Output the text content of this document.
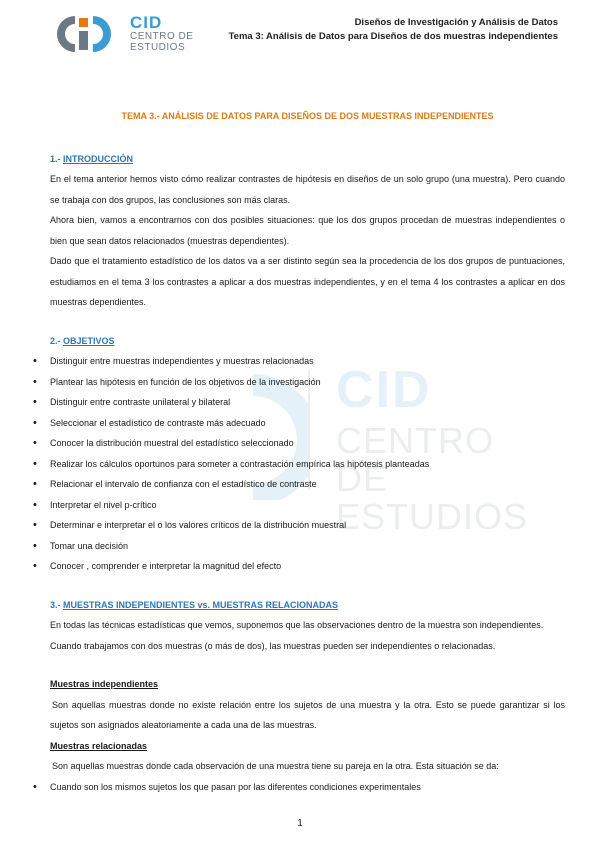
CID
CENTRO DE
ESTUDIOS
CID
CENTRO DE
ESTUDIOS
Diseños de Investigación y Análisis de Datos
Tema 3: Análisis de Datos para Diseños de dos muestras independientes
TEMA 3.- ANÁLISIS DE DATOS PARA DISEÑOS DE DOS MUESTRAS INDEPENDIENTES
1.- INTRODUCCIÓN

En el tema anterior hemos visto cómo realizar contrastes de hipótesis en diseños de un solo grupo (una muestra). Pero cuando se trabaja con dos grupos, las conclusiones son más claras.

Ahora bien, vamos a encontrarnos con dos posibles situaciones: que los dos grupos procedan de muestras independientes o bien que sean datos relacionados (muestras dependientes).

Dado que el tratamiento estadístico de los datos va a ser distinto según sea la procedencia de los dos grupos de puntuaciones, estudiamos en el tema 3 los contrastes a aplicar a dos muestras independientes, y en el tema 4 los contrastes a aplicar en dos muestras dependientes.

2.- OBJETIVOS
• Distinguir entre muestras independientes y muestras relacionadas
• Plantear las hipótesis en función de los objetivos de la investigación
• Distinguir entre contraste unilateral y bilateral
• Seleccionar el estadístico de contraste más adecuado
• Conocer la distribución muestral del estadístico seleccionado
• Realizar los cálculos oportunos para someter a contrastación empírica las hipótesis planteadas
• Relacionar el intervalo de confianza con el estadístico de contraste
• Interpretar el nivel p-crítico
• Determinar e interpretar el o los valores críticos de la distribución muestral
• Tomar una decisión
• Conocer , comprender e interpretar la magnitud del efecto
3.- MUESTRAS INDEPENDIENTES vs. MUESTRAS RELACIONADAS

En todas las técnicas estadísticas que vemos, suponemos que las observaciones dentro de la muestra son independientes.

Cuando trabajamos con dos muestras (o más de dos), las muestras pueden ser independientes o relacionadas.

Muestras independientes

Son aquellas muestras donde no existe relación entre los sujetos de una muestra y la otra. Esto se puede garantizar si los sujetos son asignados aleatoriamente a cada una de las muestras.

Muestras relacionadas

Son aquellas muestras donde cada observación de una muestra tiene su pareja en la otra. Esta situación se da:

• Cuando son los mismos sujetos los que pasan por las diferentes condiciones experimentales
1
